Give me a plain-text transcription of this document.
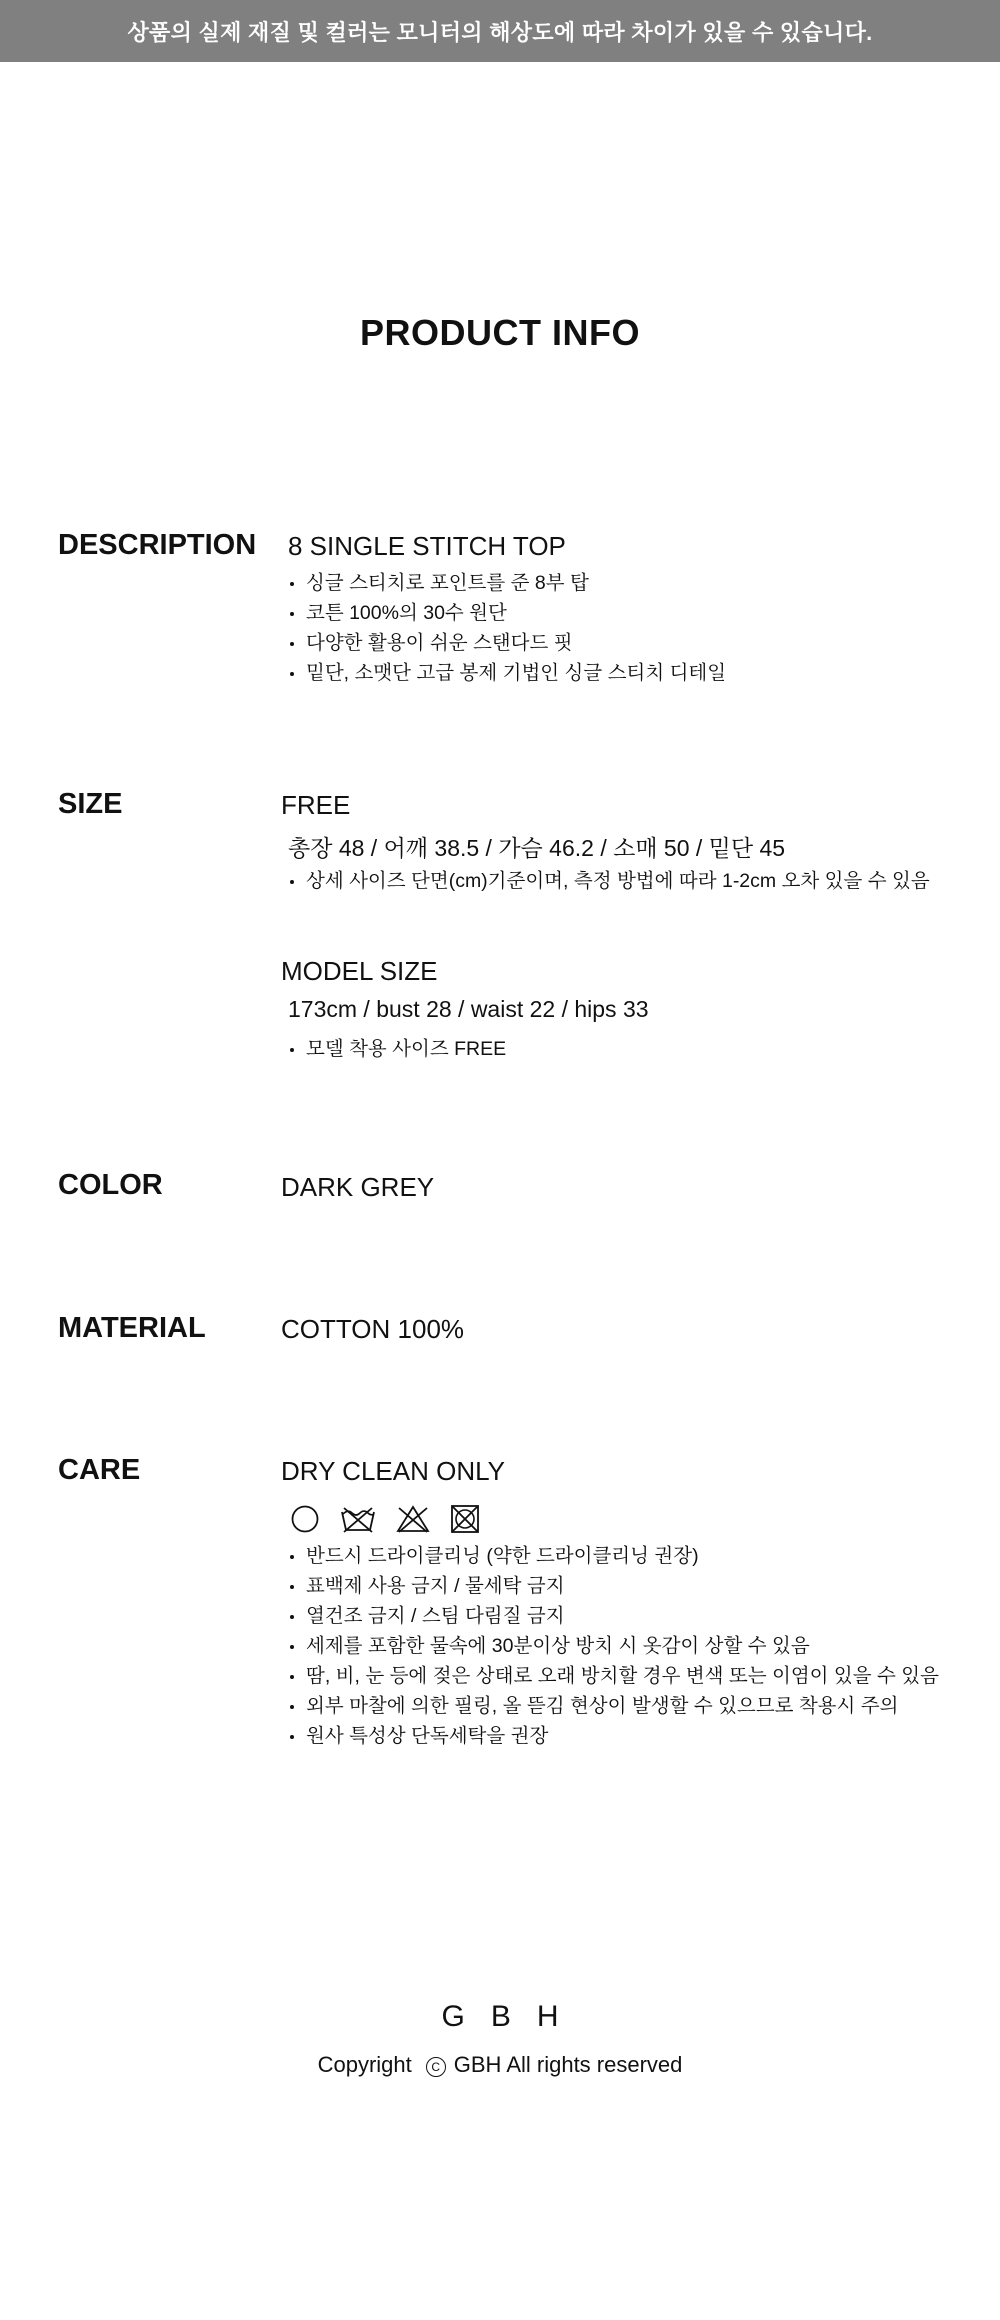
상품의 실제 재질 및 컬러는 모니터의 해상도에 따라 차이가 있을 수 있습니다.
PRODUCT INFO
DESCRIPTION 8 SINGLE STITCH TOP
싱글 스티치로 포인트를 준 8부 탑
코튼 100%의 30수 원단
다양한 활용이 쉬운 스탠다드 핏
밑단, 소맷단 고급 봉제 기법인 싱글 스티치 디테일
SIZE	FREE
총장 48 / 어깨 38.5 / 가슴 46.2 / 소매 50 / 밑단 45
상세 사이즈 단면(cm)기준이며, 측정 방법에 따라 1-2cm 오차 있을 수 있음
MODEL SIZE
173cm / bust 28 / waist 22 / hips 33
모델 착용 사이즈 FREE
COLOR	DARK GREY
MATERIAL	COTTON 100%
CARE	DRY CLEAN ONLY
반드시 드라이클리닝 (약한 드라이클리닝 권장)
표백제 사용 금지 / 물세탁 금지
열건조 금지 / 스팀 다림질 금지
세제를 포함한 물속에 30분이상 방치 시 옷감이 상할 수 있음
땀, 비, 눈 등에 젖은 상태로 오래 방치할 경우 변색 또는 이염이 있을 수 있음
외부 마찰에 의한 필링, 올 뜯김 현상이 발생할 수 있으므로 착용시 주의
원사 특성상 단독세탁을 권장
GBH
Copyright C GBH All rights reserved
